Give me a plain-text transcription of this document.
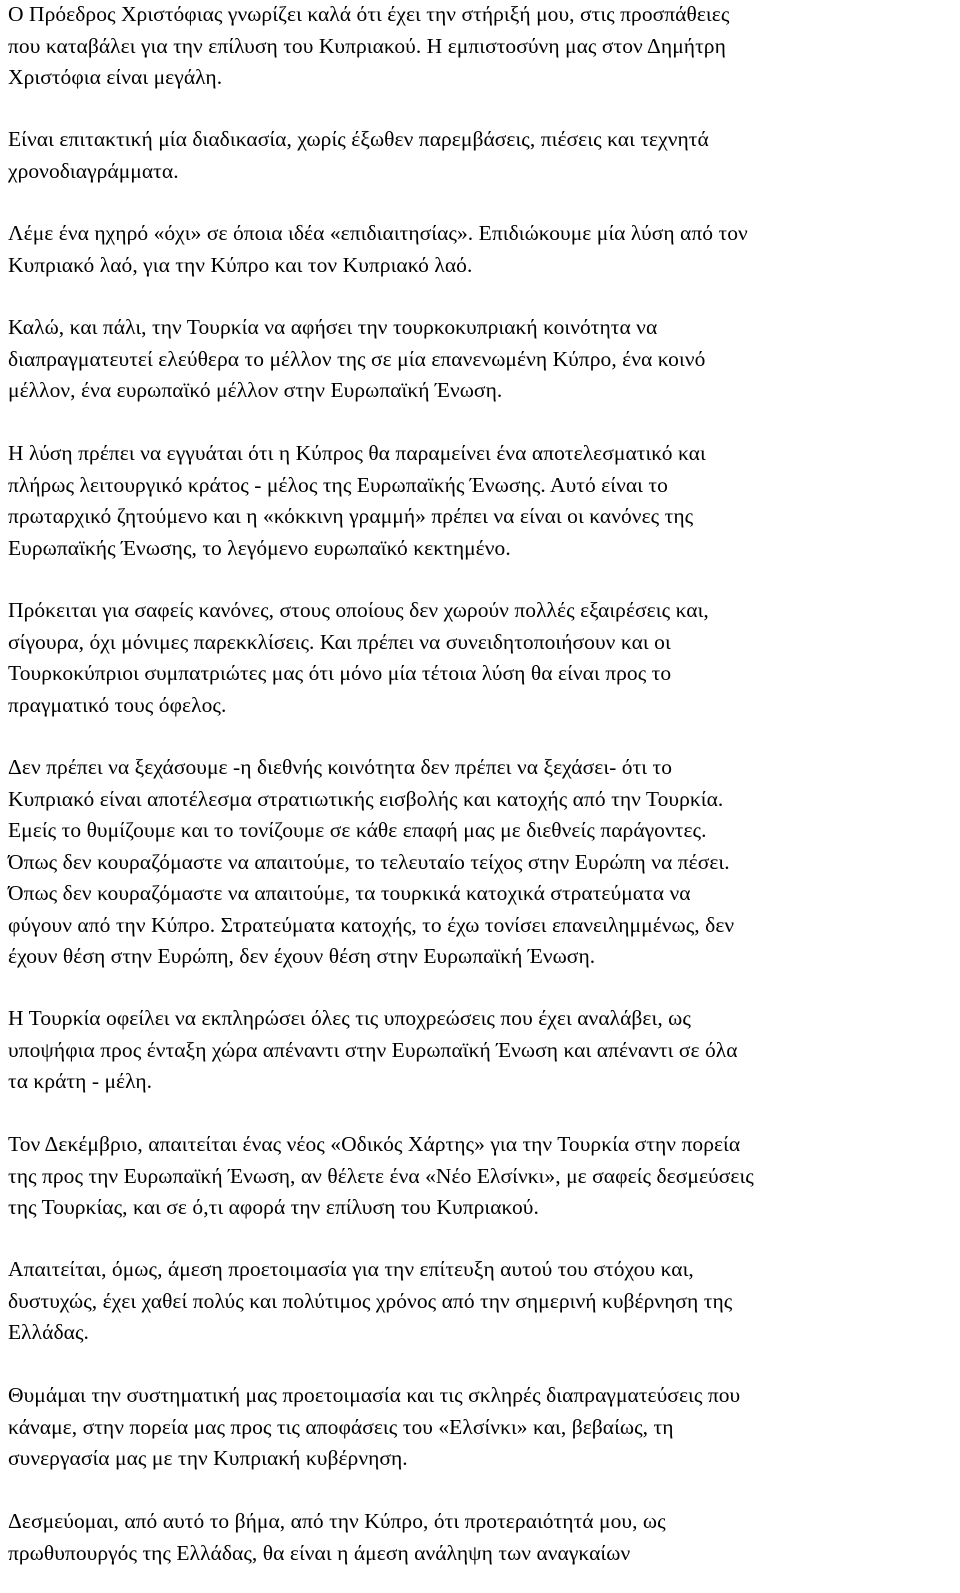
Ο Πρόεδρος Χριστόφιας γνωρίζει καλά ότι έχει την στήριξή μου, στις προσπάθειες
που καταβάλει για την επίλυση του Κυπριακού. Η εμπιστοσύνη μας στον Δημήτρη
Χριστόφια είναι μεγάλη.

Είναι επιτακτική μία διαδικασία, χωρίς έξωθεν παρεμβάσεις, πιέσεις και τεχνητά
χρονοδιαγράμματα.

Λέμε ένα ηχηρό «όχι» σε όποια ιδέα «επιδιαιτησίας». Επιδιώκουμε μία λύση από τον
Κυπριακό λαό, για την Κύπρο και τον Κυπριακό λαό.

Καλώ, και πάλι, την Τουρκία να αφήσει την τουρκοκυπριακή κοινότητα να
διαπραγματευτεί ελεύθερα το μέλλον της σε μία επανενωμένη Κύπρο, ένα κοινό
μέλλον, ένα ευρωπαϊκό μέλλον στην Ευρωπαϊκή Ένωση.

Η λύση πρέπει να εγγυάται ότι η Κύπρος θα παραμείνει ένα αποτελεσματικό και
πλήρως λειτουργικό κράτος - μέλος της Ευρωπαϊκής Ένωσης. Αυτό είναι το
πρωταρχικό ζητούμενο και η «κόκκινη γραμμή» πρέπει να είναι οι κανόνες της
Ευρωπαϊκής Ένωσης, το λεγόμενο ευρωπαϊκό κεκτημένο.

Πρόκειται για σαφείς κανόνες, στους οποίους δεν χωρούν πολλές εξαιρέσεις και,
σίγουρα, όχι μόνιμες παρεκκλίσεις. Και πρέπει να συνειδητοποιήσουν και οι
Τουρκοκύπριοι συμπατριώτες μας ότι μόνο μία τέτοια λύση θα είναι προς το
πραγματικό τους όφελος.

Δεν πρέπει να ξεχάσουμε -η διεθνής κοινότητα δεν πρέπει να ξεχάσει- ότι το
Κυπριακό είναι αποτέλεσμα στρατιωτικής εισβολής και κατοχής από την Τουρκία.
Εμείς το θυμίζουμε και το τονίζουμε σε κάθε επαφή μας με διεθνείς παράγοντες.
Όπως δεν κουραζόμαστε να απαιτούμε, το τελευταίο τείχος στην Ευρώπη να πέσει.
Όπως δεν κουραζόμαστε να απαιτούμε, τα τουρκικά κατοχικά στρατεύματα να
φύγουν από την Κύπρο. Στρατεύματα κατοχής, το έχω τονίσει επανειλημμένως, δεν
έχουν θέση στην Ευρώπη, δεν έχουν θέση στην Ευρωπαϊκή Ένωση.

Η Τουρκία οφείλει να εκπληρώσει όλες τις υποχρεώσεις που έχει αναλάβει, ως
υποψήφια προς ένταξη χώρα απέναντι στην Ευρωπαϊκή Ένωση και απέναντι σε όλα
τα κράτη - μέλη.

Τον Δεκέμβριο, απαιτείται ένας νέος «Οδικός Χάρτης» για την Τουρκία στην πορεία
της προς την Ευρωπαϊκή Ένωση, αν θέλετε ένα «Νέο Ελσίνκι», με σαφείς δεσμεύσεις
της Τουρκίας, και σε ό,τι αφορά την επίλυση του Κυπριακού.

Απαιτείται, όμως, άμεση προετοιμασία για την επίτευξη αυτού του στόχου και,
δυστυχώς, έχει χαθεί πολύς και πολύτιμος χρόνος από την σημερινή κυβέρνηση της
Ελλάδας.

Θυμάμαι την συστηματική μας προετοιμασία και τις σκληρές διαπραγματεύσεις που
κάναμε, στην πορεία μας προς τις αποφάσεις του «Ελσίνκι» και, βεβαίως, τη
συνεργασία μας με την Κυπριακή κυβέρνηση.

Δεσμεύομαι, από αυτό το βήμα, από την Κύπρο, ότι προτεραιότητά μου, ως
πρωθυπουργός της Ελλάδας, θα είναι η άμεση ανάληψη των αναγκαίων
